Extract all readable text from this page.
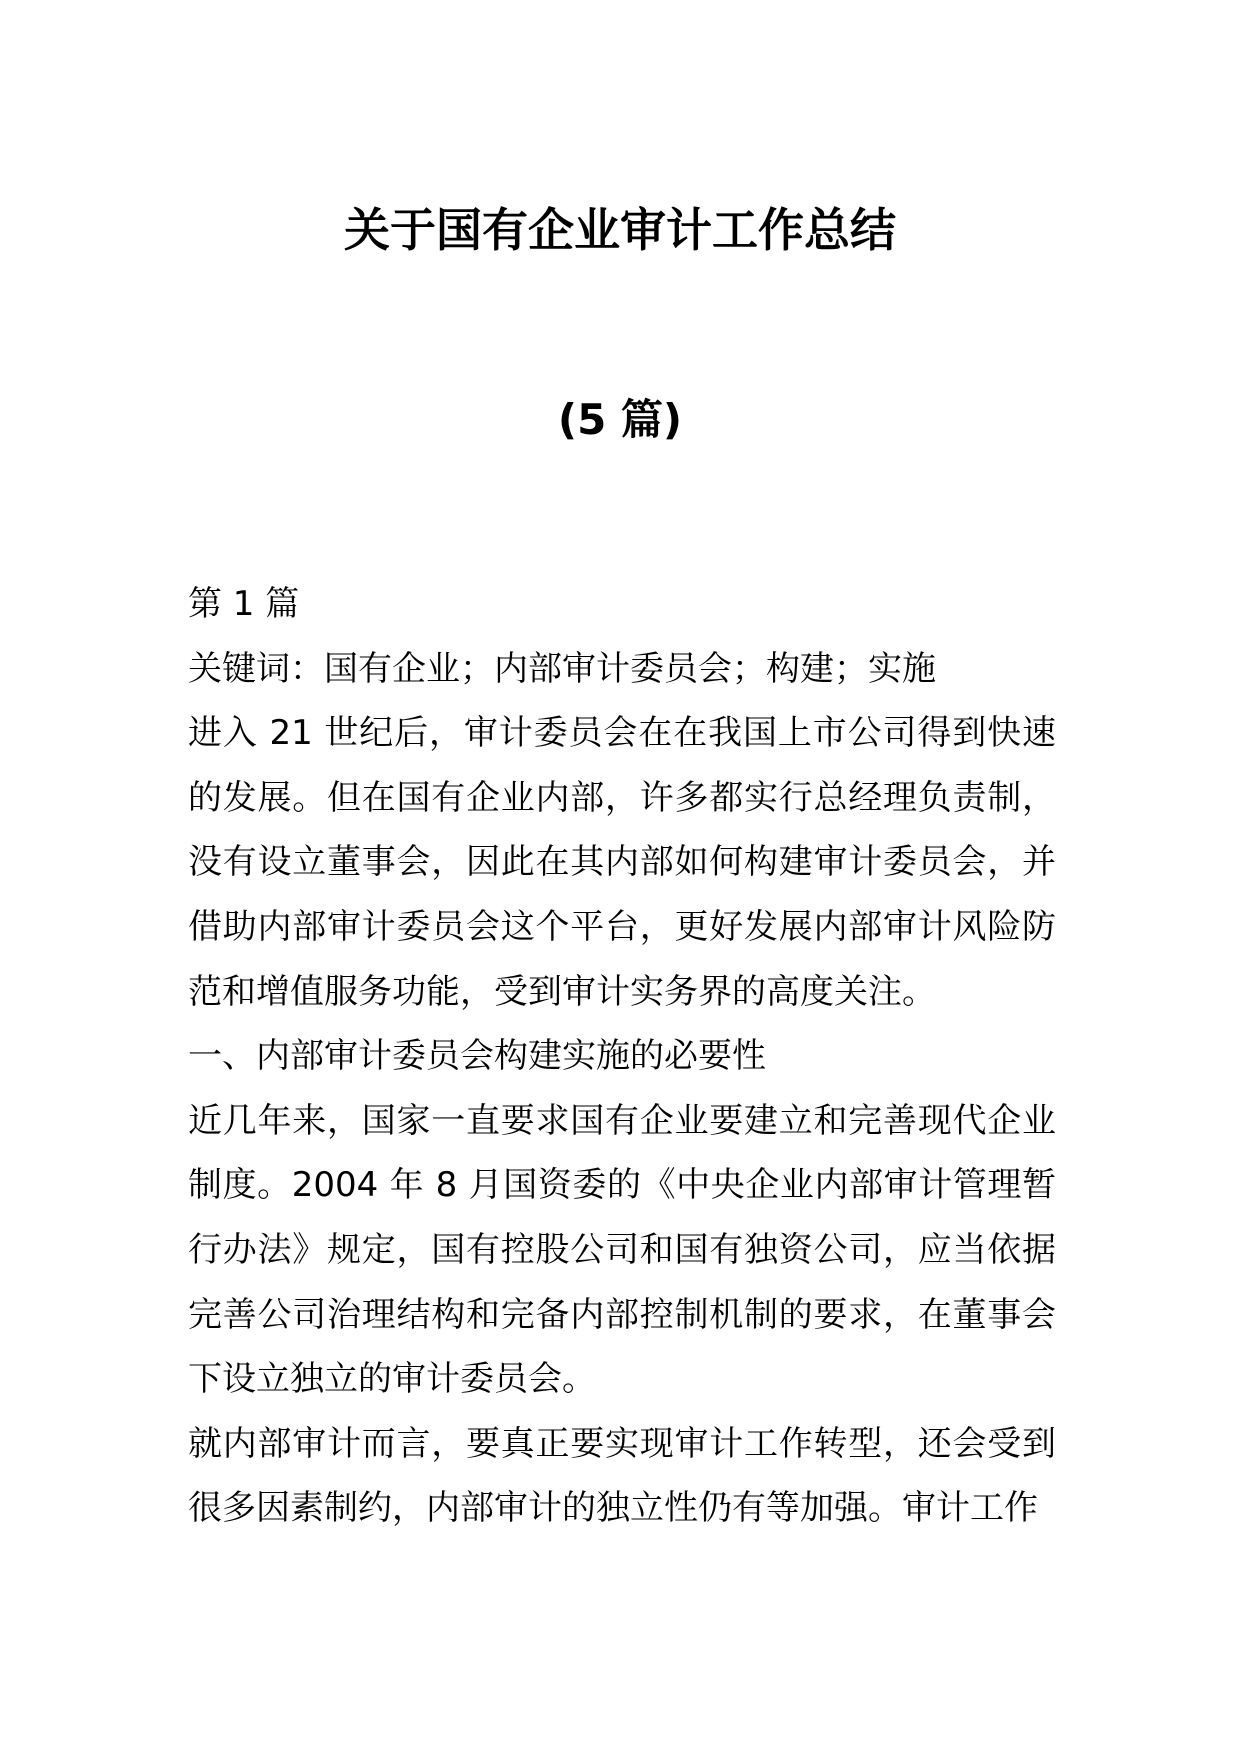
关于国有企业审计工作总结
(5 篇)

第 1 篇

关键词：国有企业；内部审计委员会；构建；实施

进入 21 世纪后，审计委员会在在我国上市公司得到快速的发展。但在国有企业内部，许多都实行总经理负责制，没有设立董事会，因此在其内部如何构建审计委员会，并借助内部审计委员会这个平台，更好发展内部审计风险防范和增值服务功能，受到审计实务界的高度关注。

一、内部审计委员会构建实施的必要性

近几年来，国家一直要求国有企业要建立和完善现代企业制度。2004 年 8 月国资委的《中央企业内部审计管理暂行办法》规定，国有控股公司和国有独资公司，应当依据完善公司治理结构和完备内部控制机制的要求，在董事会下设立独立的审计委员会。

就内部审计而言，要真正要实现审计工作转型，还会受到很多因素制约，内部审计的独立性仍有等加强。审计工作
